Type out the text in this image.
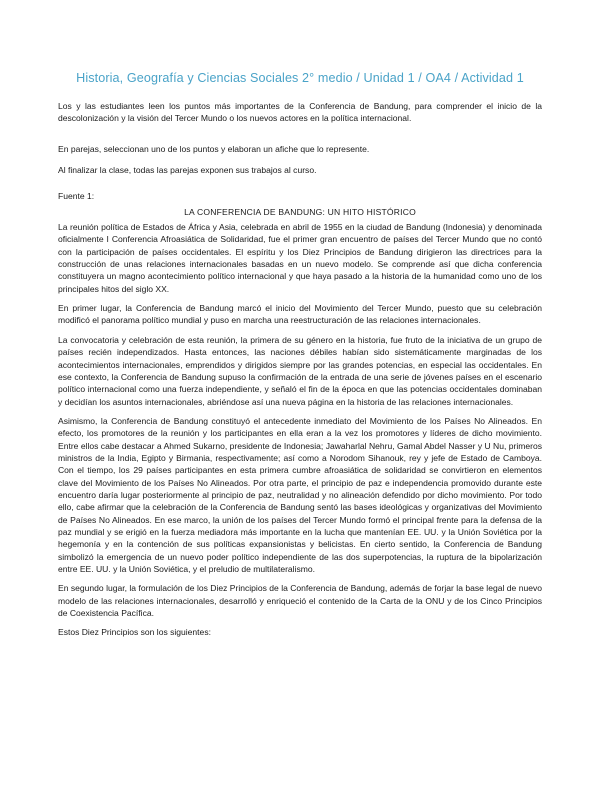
Historia, Geografía y Ciencias Sociales 2° medio / Unidad 1 / OA4 / Actividad 1
Los y las estudiantes leen los puntos más importantes de la Conferencia de Bandung, para comprender el inicio de la descolonización y la visión del Tercer Mundo o los nuevos actores en la política internacional.
En parejas, seleccionan uno de los puntos y elaboran un afiche que lo represente.
Al finalizar la clase, todas las parejas exponen sus trabajos al curso.
Fuente 1:
LA CONFERENCIA DE BANDUNG: UN HITO HISTÓRICO
La reunión política de Estados de África y Asia, celebrada en abril de 1955 en la ciudad de Bandung (Indonesia) y denominada oficialmente I Conferencia Afroasiática de Solidaridad, fue el primer gran encuentro de países del Tercer Mundo que no contó con la participación de países occidentales. El espíritu y los Diez Principios de Bandung dirigieron las directrices para la construcción de unas relaciones internacionales basadas en un nuevo modelo. Se comprende así que dicha conferencia constituyera un magno acontecimiento político internacional y que haya pasado a la historia de la humanidad como uno de los principales hitos del siglo XX.
En primer lugar, la Conferencia de Bandung marcó el inicio del Movimiento del Tercer Mundo, puesto que su celebración modificó el panorama político mundial y puso en marcha una reestructuración de las relaciones internacionales.
La convocatoria y celebración de esta reunión, la primera de su género en la historia, fue fruto de la iniciativa de un grupo de países recién independizados. Hasta entonces, las naciones débiles habían sido sistemáticamente marginadas de los acontecimientos internacionales, emprendidos y dirigidos siempre por las grandes potencias, en especial las occidentales. En ese contexto, la Conferencia de Bandung supuso la confirmación de la entrada de una serie de jóvenes países en el escenario político internacional como una fuerza independiente, y señaló el fin de la época en que las potencias occidentales dominaban y decidían los asuntos internacionales, abriéndose así una nueva página en la historia de las relaciones internacionales.
Asimismo, la Conferencia de Bandung constituyó el antecedente inmediato del Movimiento de los Países No Alineados. En efecto, los promotores de la reunión y los participantes en ella eran a la vez los promotores y líderes de dicho movimiento. Entre ellos cabe destacar a Ahmed Sukarno, presidente de Indonesia; Jawaharlal Nehru, Gamal Abdel Nasser y U Nu, primeros ministros de la India, Egipto y Birmania, respectivamente; así como a Norodom Sihanouk, rey y jefe de Estado de Camboya. Con el tiempo, los 29 países participantes en esta primera cumbre afroasiática de solidaridad se convirtieron en elementos clave del Movimiento de los Países No Alineados. Por otra parte, el principio de paz e independencia promovido durante este encuentro daría lugar posteriormente al principio de paz, neutralidad y no alineación defendido por dicho movimiento. Por todo ello, cabe afirmar que la celebración de la Conferencia de Bandung sentó las bases ideológicas y organizativas del Movimiento de Países No Alineados. En ese marco, la unión de los países del Tercer Mundo formó el principal frente para la defensa de la paz mundial y se erigió en la fuerza mediadora más importante en la lucha que mantenían EE. UU. y la Unión Soviética por la hegemonía y en la contención de sus políticas expansionistas y belicistas. En cierto sentido, la Conferencia de Bandung simbolizó la emergencia de un nuevo poder político independiente de las dos superpotencias, la ruptura de la bipolarización entre EE. UU. y la Unión Soviética, y el preludio de multilateralismo.
En segundo lugar, la formulación de los Diez Principios de la Conferencia de Bandung, además de forjar la base legal de nuevo modelo de las relaciones internacionales, desarrolló y enriqueció el contenido de la Carta de la ONU y de los Cinco Principios de Coexistencia Pacífica.
Estos Diez Principios son los siguientes:
